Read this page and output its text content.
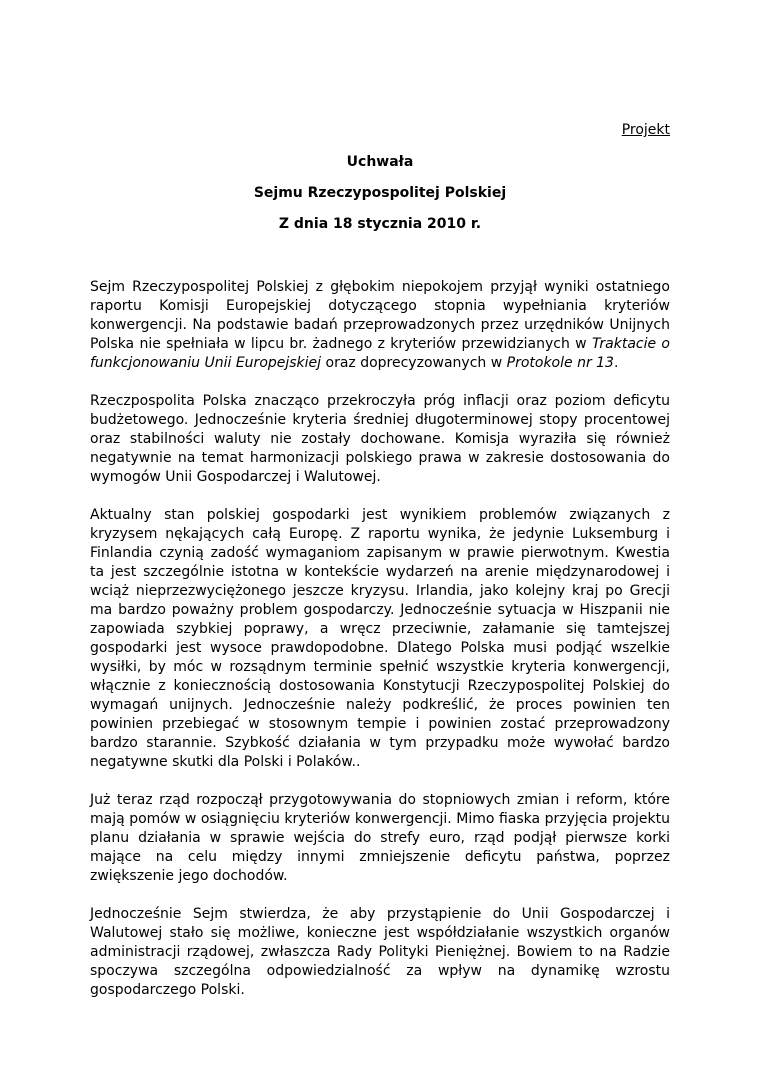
Projekt
Uchwała
Sejmu Rzeczypospolitej Polskiej
Z dnia 18 stycznia 2010 r.

Sejm Rzeczypospolitej Polskiej z głębokim niepokojem przyjął wyniki ostatniego raportu Komisji Europejskiej dotyczącego stopnia wypełniania kryteriów konwergencji. Na podstawie badań przeprowadzonych przez urzędników Unijnych Polska nie spełniała w lipcu br. żadnego z kryteriów przewidzianych w Traktacie o funkcjonowaniu Unii Europejskiej oraz doprecyzowanych w Protokole nr 13.

Rzeczpospolita Polska znacząco przekroczyła próg inflacji oraz poziom deficytu budżetowego. Jednocześnie kryteria średniej długoterminowej stopy procentowej oraz stabilności waluty nie zostały dochowane. Komisja wyraziła się również negatywnie na temat harmonizacji polskiego prawa w zakresie dostosowania do wymogów Unii Gospodarczej i Walutowej.

Aktualny stan polskiej gospodarki jest wynikiem problemów związanych z kryzysem nękających całą Europę. Z raportu wynika, że jedynie Luksemburg i Finlandia czynią zadość wymaganiom zapisanym w prawie pierwotnym. Kwestia ta jest szczególnie istotna w kontekście wydarzeń na arenie międzynarodowej i wciąż nieprzezwyciężonego jeszcze kryzysu. Irlandia, jako kolejny kraj po Grecji ma bardzo poważny problem gospodarczy. Jednocześnie sytuacja w Hiszpanii nie zapowiada szybkiej poprawy, a wręcz przeciwnie, załamanie się tamtejszej gospodarki jest wysoce prawdopodobne. Dlatego Polska musi podjąć wszelkie wysiłki, by móc w rozsądnym terminie spełnić wszystkie kryteria konwergencji, włącznie z koniecznością dostosowania Konstytucji Rzeczypospolitej Polskiej do wymagań unijnych. Jednocześnie należy podkreślić, że proces powinien ten powinien przebiegać w stosownym tempie i powinien zostać przeprowadzony bardzo starannie. Szybkość działania w tym przypadku może wywołać bardzo negatywne skutki dla Polski i Polaków..

Już teraz rząd rozpoczął przygotowywania do stopniowych zmian i reform, które mają pomów w osiągnięciu kryteriów konwergencji. Mimo fiaska przyjęcia projektu planu działania w sprawie wejścia do strefy euro, rząd podjął pierwsze korki mające na celu między innymi zmniejszenie deficytu państwa, poprzez zwiększenie jego dochodów.

Jednocześnie Sejm stwierdza, że aby przystąpienie do Unii Gospodarczej i Walutowej stało się możliwe, konieczne jest współdziałanie wszystkich organów administracji rządowej, zwłaszcza Rady Polityki Pieniężnej. Bowiem to na Radzie spoczywa szczególna odpowiedzialność za wpływ na dynamikę wzrostu gospodarczego Polski.
